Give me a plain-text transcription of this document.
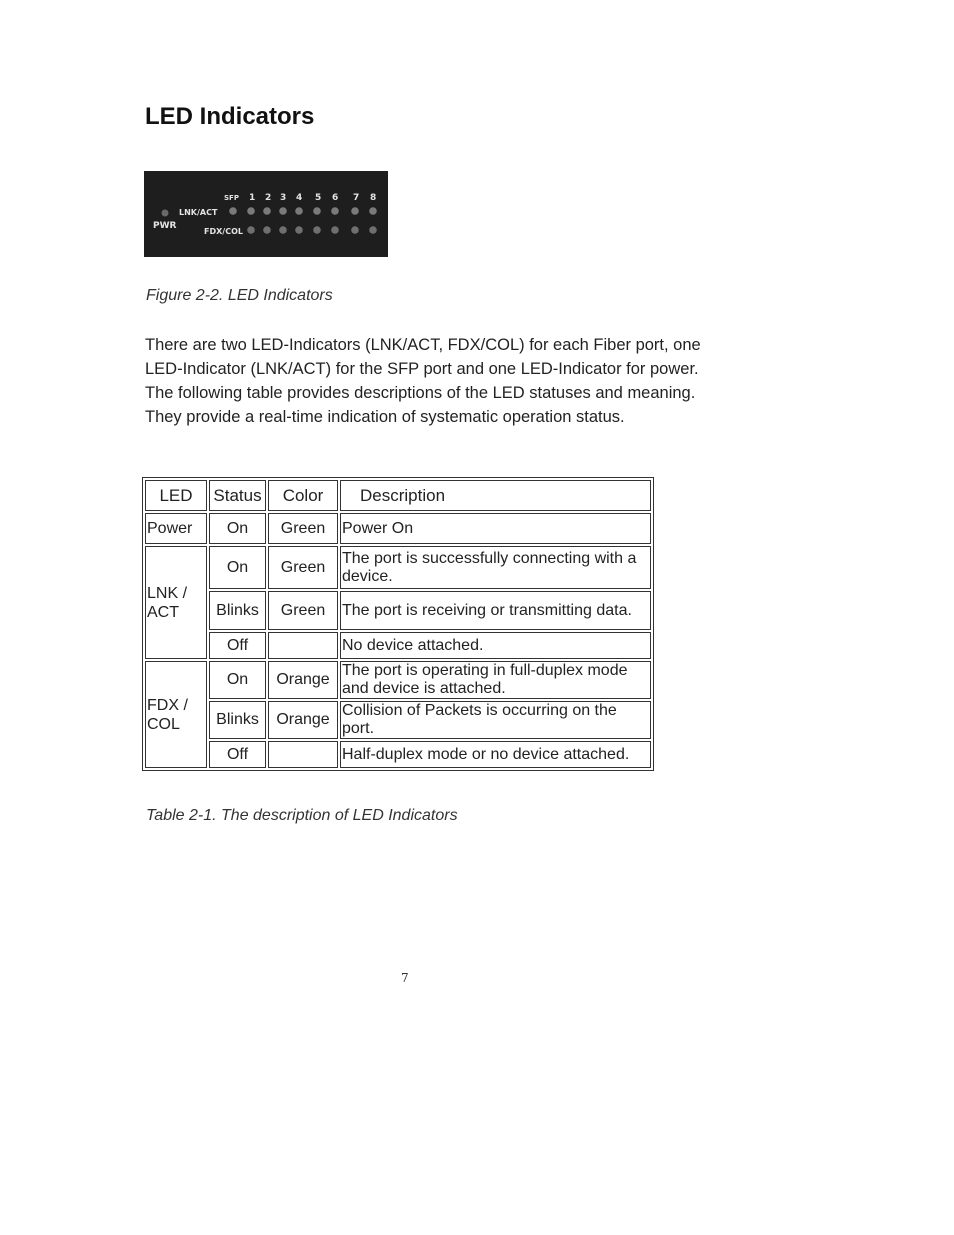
LED Indicators
SFP 1 2 3 4 5 6 7 8
LNK/ACT
FDX/COL
PWR

Figure 2-2. LED Indicators

There are two LED-Indicators (LNK/ACT, FDX/COL) for each Fiber port, one LED-Indicator (LNK/ACT) for the SFP port and one LED-Indicator for power. The following table provides descriptions of the LED statuses and meaning. They provide a real-time indication of systematic operation status.

LED	Status	Color	Description
Power	On	Green	Power On
LNK /
ACT	On	Green	The port is successfully connecting with a device.
	Blinks	Green	The port is receiving or transmitting data.
	Off		No device attached.
FDX /
COL	On	Orange	The port is operating in full-duplex mode and device is attached.
	Blinks	Orange	Collision of Packets is occurring on the port.
	Off		Half-duplex mode or no device attached.

Table 2-1. The description of LED Indicators

7
